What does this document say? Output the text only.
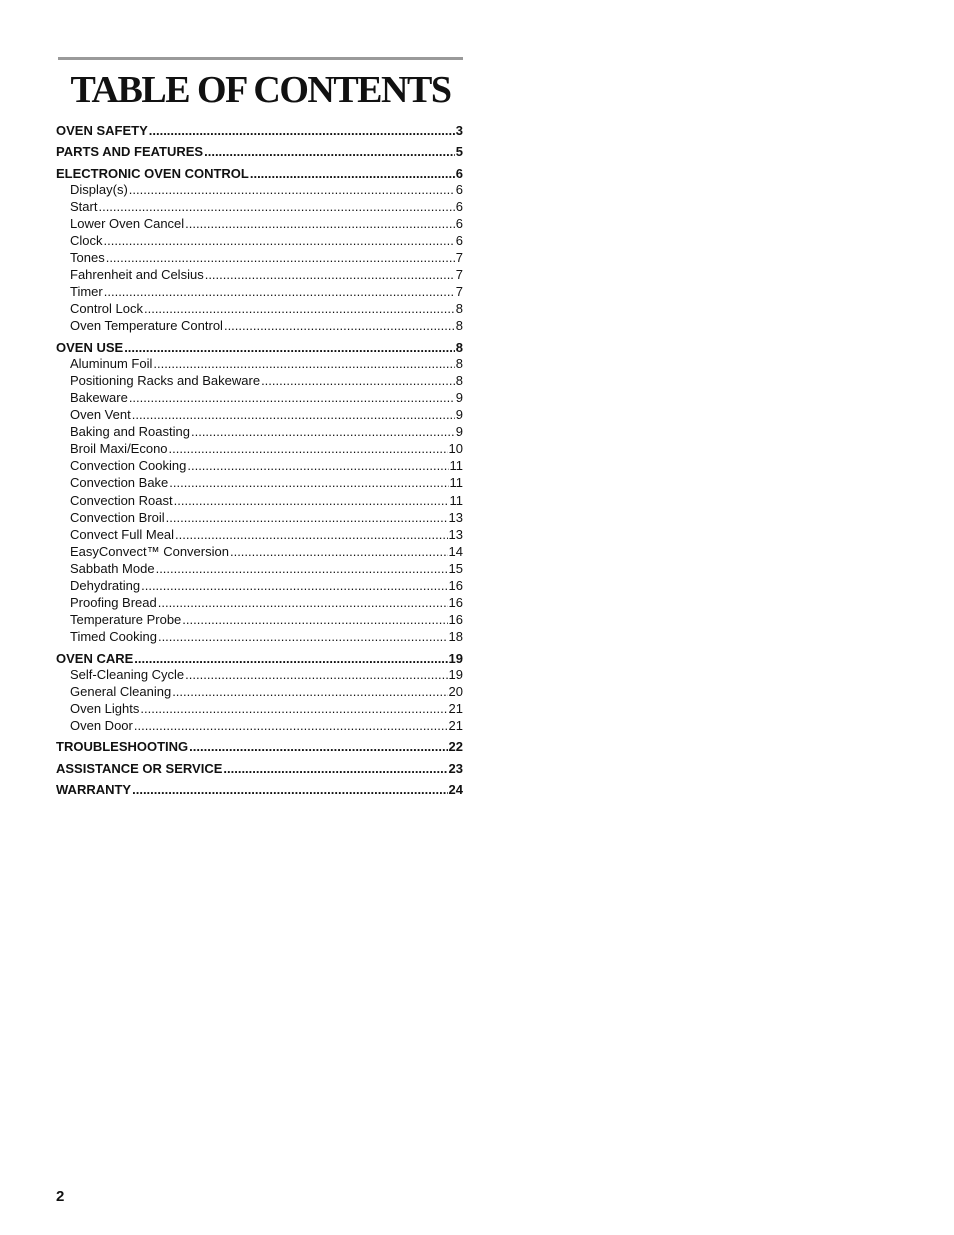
TABLE OF CONTENTS
OVEN SAFETY .....	3
PARTS AND FEATURES .....	5
ELECTRONIC OVEN CONTROL .....	6
Display(s) .....	6
Start .....	6
Lower Oven Cancel .....	6
Clock .....	6
Tones .....	7
Fahrenheit and Celsius .....	7
Timer .....	7
Control Lock .....	8
Oven Temperature Control .....	8
OVEN USE .....	8
Aluminum Foil .....	8
Positioning Racks and Bakeware .....	8
Bakeware .....	9
Oven Vent .....	9
Baking and Roasting .....	9
Broil Maxi/Econo .....	10
Convection Cooking .....	11
Convection Bake .....	11
Convection Roast .....	11
Convection Broil .....	13
Convect Full Meal .....	13
EasyConvect™ Conversion .....	14
Sabbath Mode .....	15
Dehydrating .....	16
Proofing Bread .....	16
Temperature Probe .....	16
Timed Cooking .....	18
OVEN CARE .....	19
Self-Cleaning Cycle .....	19
General Cleaning .....	20
Oven Lights .....	21
Oven Door .....	21
TROUBLESHOOTING .....	22
ASSISTANCE OR SERVICE .....	23
WARRANTY .....	24
2
